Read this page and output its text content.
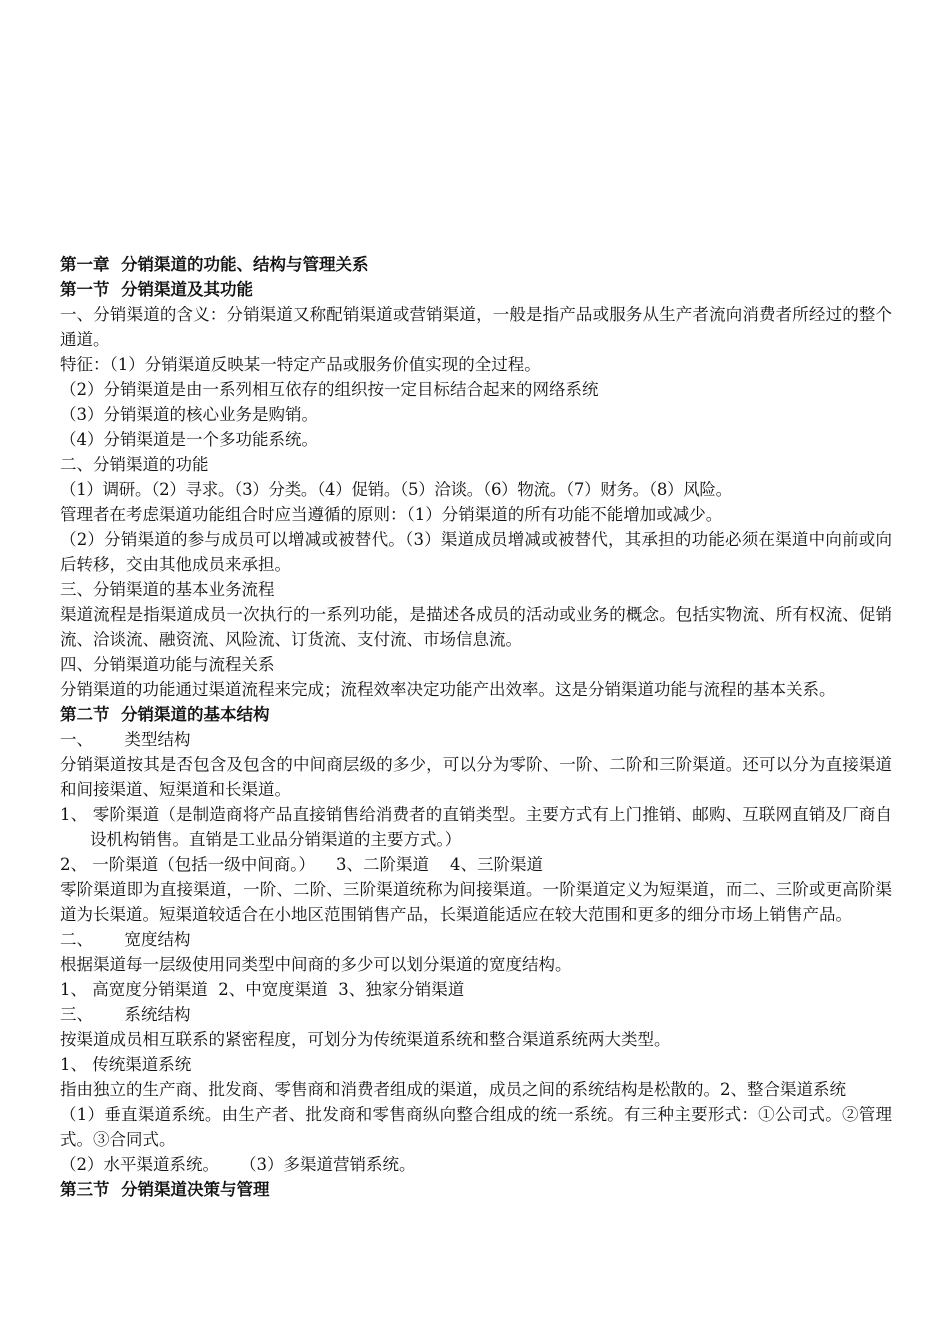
第一章  分销渠道的功能、结构与管理关系

第一节  分销渠道及其功能

一、分销渠道的含义：分销渠道又称配销渠道或营销渠道，一般是指产品或服务从生产者流向消费者所经过的整个通道。

特征：（1）分销渠道反映某一特定产品或服务价值实现的全过程。

（2）分销渠道是由一系列相互依存的组织按一定目标结合起来的网络系统

（3）分销渠道的核心业务是购销。

（4）分销渠道是一个多功能系统。

二、分销渠道的功能

（1）调研。（2）寻求。（3）分类。（4）促销。（5）洽谈。（6）物流。（7）财务。（8）风险。

管理者在考虑渠道功能组合时应当遵循的原则：（1）分销渠道的所有功能不能增加或减少。

（2）分销渠道的参与成员可以增减或被替代。（3）渠道成员增减或被替代，其承担的功能必须在渠道中向前或向后转移，交由其他成员来承担。

三、分销渠道的基本业务流程

渠道流程是指渠道成员一次执行的一系列功能，是描述各成员的活动或业务的概念。包括实物流、所有权流、促销流、洽谈流、融资流、风险流、订货流、支付流、市场信息流。

四、分销渠道功能与流程关系

分销渠道的功能通过渠道流程来完成；流程效率决定功能产出效率。这是分销渠道功能与流程的基本关系。

第二节  分销渠道的基本结构

一、      类型结构

分销渠道按其是否包含及包含的中间商层级的多少，可以分为零阶、一阶、二阶和三阶渠道。还可以分为直接渠道和间接渠道、短渠道和长渠道。

1、 零阶渠道（是制造商将产品直接销售给消费者的直销类型。主要方式有上门推销、邮购、互联网直销及厂商自设机构销售。直销是工业品分销渠道的主要方式。）

2、 一阶渠道（包括一级中间商。）    3、二阶渠道    4、三阶渠道

零阶渠道即为直接渠道，一阶、二阶、三阶渠道统称为间接渠道。一阶渠道定义为短渠道，而二、三阶或更高阶渠道为长渠道。短渠道较适合在小地区范围销售产品，长渠道能适应在较大范围和更多的细分市场上销售产品。

二、      宽度结构

根据渠道每一层级使用同类型中间商的多少可以划分渠道的宽度结构。

1、 高宽度分销渠道  2、中宽度渠道  3、独家分销渠道

三、      系统结构

按渠道成员相互联系的紧密程度，可划分为传统渠道系统和整合渠道系统两大类型。

1、 传统渠道系统

指由独立的生产商、批发商、零售商和消费者组成的渠道，成员之间的系统结构是松散的。2、整合渠道系统

（1）垂直渠道系统。由生产者、批发商和零售商纵向整合组成的统一系统。有三种主要形式：①公司式。②管理式。③合同式。

（2）水平渠道系统。    （3）多渠道营销系统。

第三节  分销渠道决策与管理
